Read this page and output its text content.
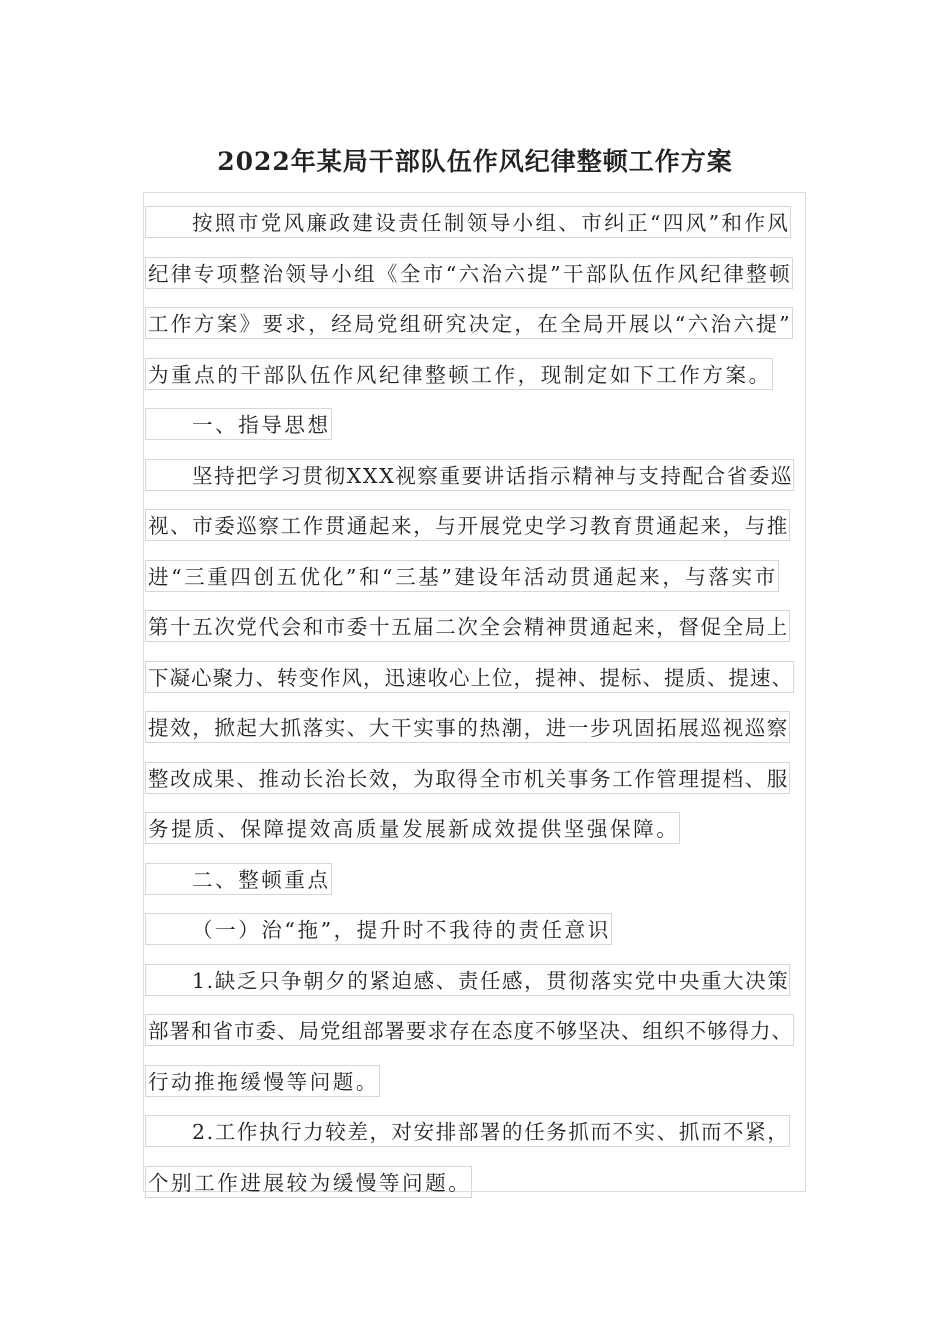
2022年某局干部队伍作风纪律整顿工作方案
按照市党风廉政建设责任制领导小组、市纠正“四风”和作风
纪律专项整治领导小组《全市“六治六提”干部队伍作风纪律整顿
工作方案》要求，经局党组研究决定，在全局开展以“六治六提”
为重点的干部队伍作风纪律整顿工作，现制定如下工作方案。
一、指导思想
坚持把学习贯彻XXX视察重要讲话指示精神与支持配合省委巡
视、市委巡察工作贯通起来，与开展党史学习教育贯通起来，与推
进“三重四创五优化”和“三基”建设年活动贯通起来，与落实市
第十五次党代会和市委十五届二次全会精神贯通起来，督促全局上
下凝心聚力、转变作风，迅速收心上位，提神、提标、提质、提速、
提效，掀起大抓落实、大干实事的热潮，进一步巩固拓展巡视巡察
整改成果、推动长治长效，为取得全市机关事务工作管理提档、服
务提质、保障提效高质量发展新成效提供坚强保障。
二、整顿重点
（一）治“拖”，提升时不我待的责任意识
1.缺乏只争朝夕的紧迫感、责任感，贯彻落实党中央重大决策
部署和省市委、局党组部署要求存在态度不够坚决、组织不够得力、
行动推拖缓慢等问题。
2.工作执行力较差，对安排部署的任务抓而不实、抓而不紧，
个别工作进展较为缓慢等问题。
